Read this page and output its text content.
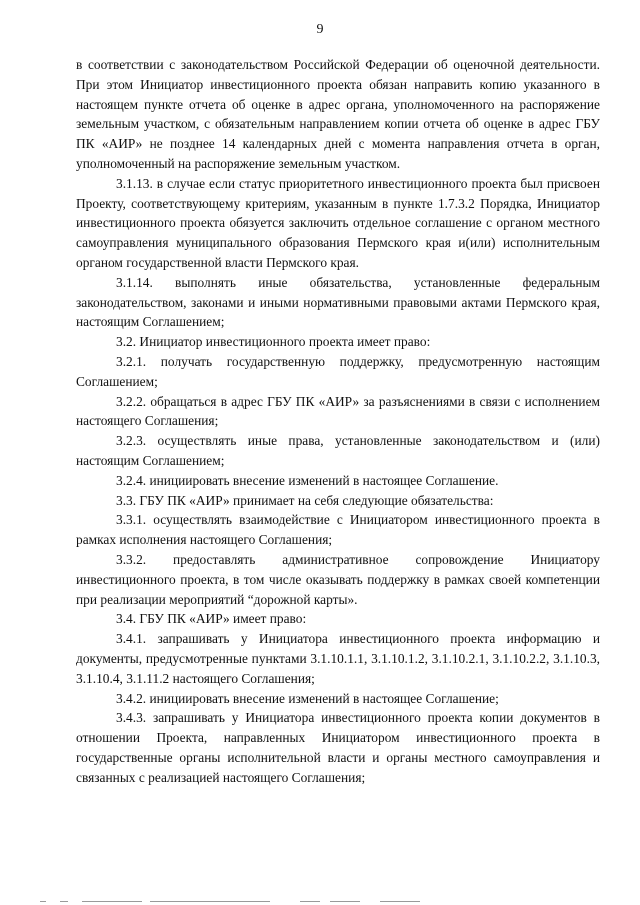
9

в соответствии с законодательством Российской Федерации об оценочной деятельности. При этом Инициатор инвестиционного проекта обязан направить копию указанного в настоящем пункте отчета об оценке в адрес органа, уполномоченного на распоряжение земельным участком, с обязательным направлением копии отчета об оценке в адрес ГБУ ПК «АИР» не позднее 14 календарных дней с момента направления отчета в орган, уполномоченный на распоряжение земельным участком.

3.1.13. в случае если статус приоритетного инвестиционного проекта был присвоен Проекту, соответствующему критериям, указанным в пункте 1.7.3.2 Порядка, Инициатор инвестиционного проекта обязуется заключить отдельное соглашение с органом местного самоуправления муниципального образования Пермского края и(или) исполнительным органом государственной власти Пермского края.

3.1.14. выполнять иные обязательства, установленные федеральным законодательством, законами и иными нормативными правовыми актами Пермского края, настоящим Соглашением;

3.2. Инициатор инвестиционного проекта имеет право:

3.2.1. получать государственную поддержку, предусмотренную настоящим Соглашением;

3.2.2. обращаться в адрес ГБУ ПК «АИР» за разъяснениями в связи с исполнением настоящего Соглашения;

3.2.3. осуществлять иные права, установленные законодательством и (или) настоящим Соглашением;

3.2.4. инициировать внесение изменений в настоящее Соглашение.

3.3. ГБУ ПК «АИР» принимает на себя следующие обязательства:

3.3.1. осуществлять взаимодействие с Инициатором инвестиционного проекта в рамках исполнения настоящего Соглашения;

3.3.2. предоставлять административное сопровождение Инициатору инвестиционного проекта, в том числе оказывать поддержку в рамках своей компетенции при реализации мероприятий “дорожной карты».

3.4. ГБУ ПК «АИР» имеет право:

3.4.1. запрашивать у Инициатора инвестиционного проекта информацию и документы, предусмотренные пунктами 3.1.10.1.1, 3.1.10.1.2, 3.1.10.2.1, 3.1.10.2.2, 3.1.10.3, 3.1.10.4, 3.1.11.2 настоящего Соглашения;

3.4.2. инициировать внесение изменений в настоящее Соглашение;

3.4.3. запрашивать у Инициатора инвестиционного проекта копии документов в отношении Проекта, направленных Инициатором инвестиционного проекта в государственные органы исполнительной власти и органы местного самоуправления и связанных с реализацией настоящего Соглашения;
